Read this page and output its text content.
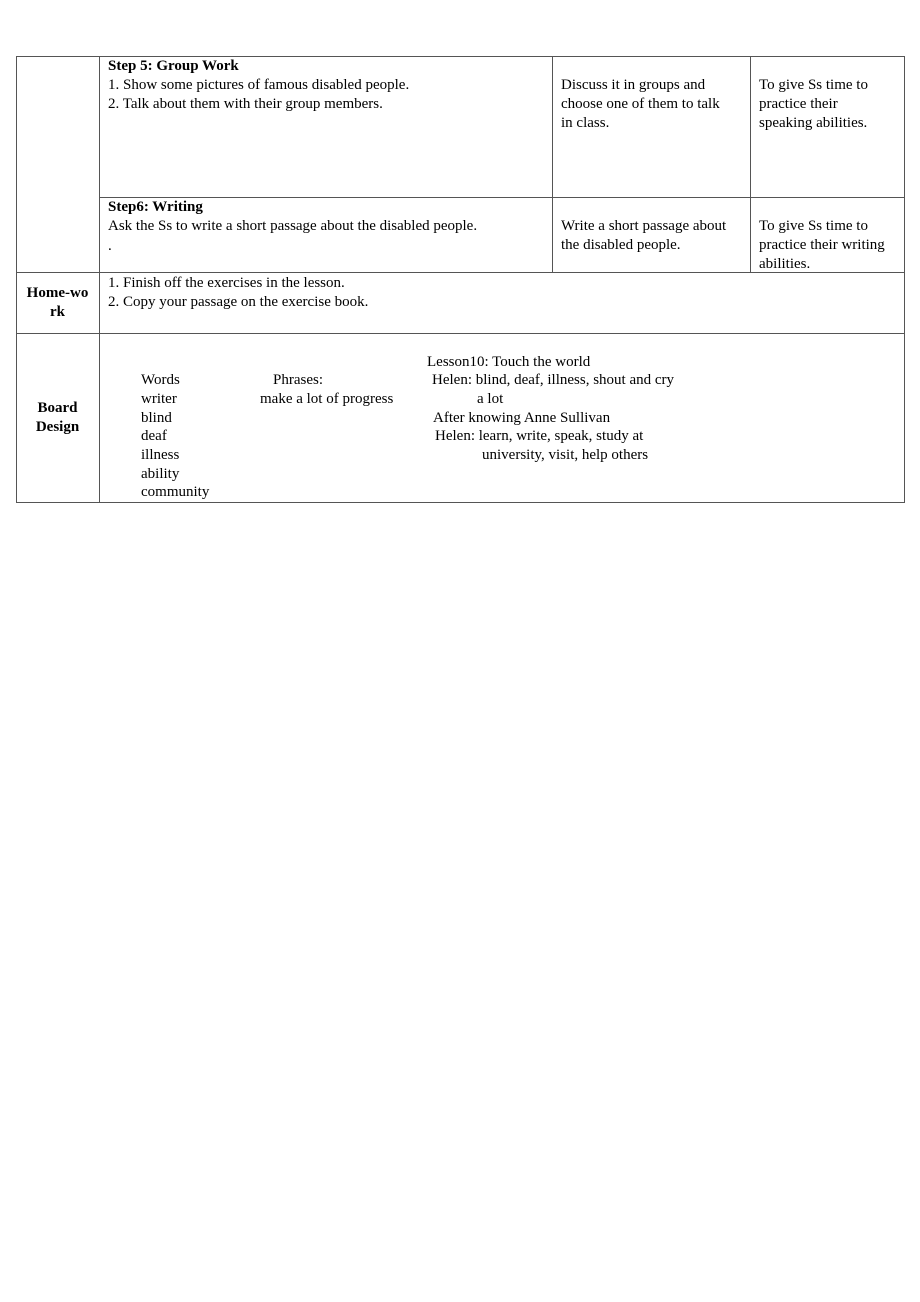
Step 5: Group Work
1. Show some pictures of famous disabled people.
2. Talk about them with their group members.
Discuss it in groups and
choose one of them to talk
in class.
To give Ss time to
practice their
speaking abilities.
Step6: Writing
Ask the Ss to write a short passage about the disabled people.
.
Write a short passage about
the disabled people.
To give Ss time to
practice their writing
abilities.
Home-wo
rk
1. Finish off the exercises in the lesson.
2. Copy your passage on the exercise book.
Board
Design
Lesson10: Touch the world
Words
writer
blind
deaf
illness
ability
community
Phrases:
make a lot of progress
Helen: blind, deaf, illness, shout and cry
a lot
After knowing Anne Sullivan
Helen: learn, write, speak, study at
university, visit, help others
